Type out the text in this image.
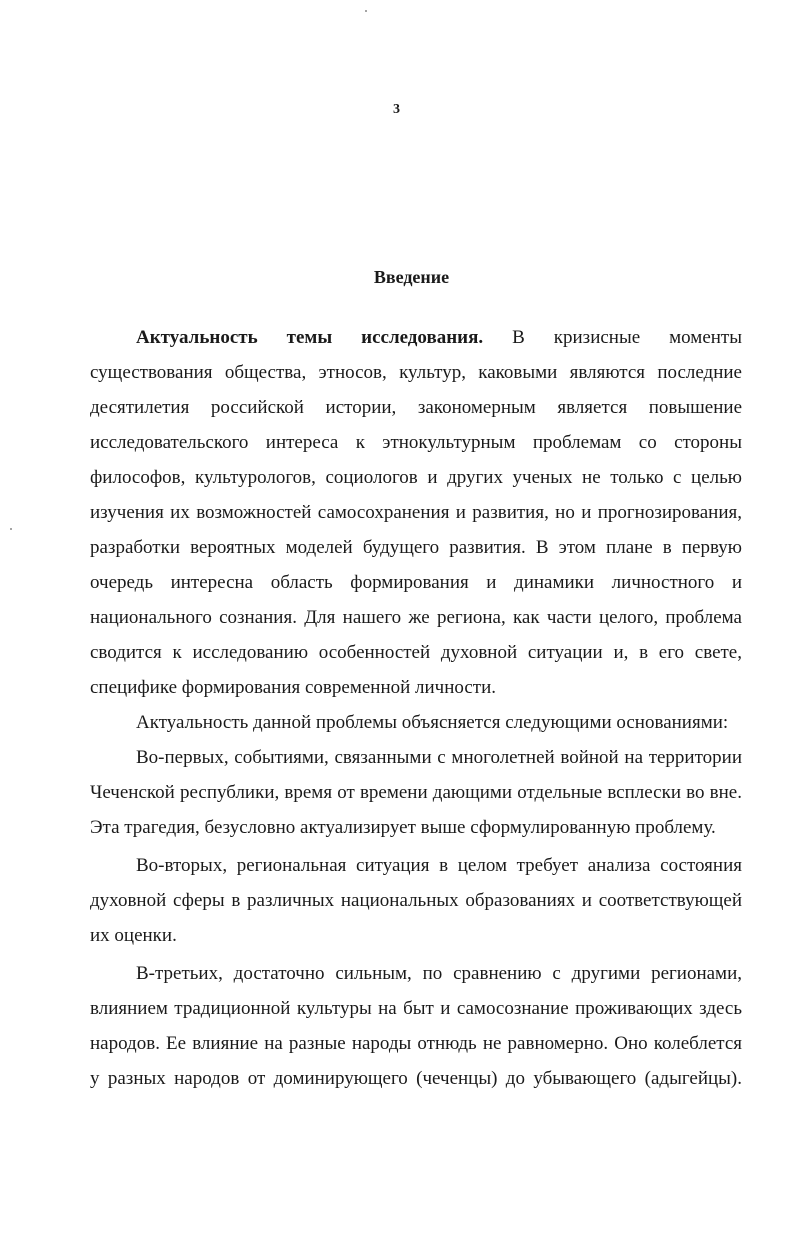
3
Введение

Актуальность темы исследования. В кризисные моменты существования общества, этносов, культур, каковыми являются последние десятилетия российской истории, закономерным является повышение исследовательского интереса к этнокультурным проблемам со стороны философов, культурологов, социологов и других ученых не только с целью изучения их возможностей самосохранения и развития, но и прогнозирования, разработки вероятных моделей будущего развития. В этом плане в первую очередь интересна область формирования и динамики личностного и национального сознания. Для нашего же региона, как части целого, проблема сводится к исследованию особенностей духовной ситуации и, в его свете, специфике формирования современной личности.

Актуальность данной проблемы объясняется следующими основаниями:

Во-первых, событиями, связанными с многолетней войной на территории Чеченской республики, время от времени дающими отдельные всплески во вне. Эта трагедия, безусловно актуализирует выше сформулированную проблему.

Во-вторых, региональная ситуация в целом требует анализа состояния духовной сферы в различных национальных образованиях и соответствующей их оценки.

В-третьих, достаточно сильным, по сравнению с другими регионами, влиянием традиционной культуры на быт и самосознание проживающих здесь народов. Ее влияние на разные народы отнюдь не равномерно. Оно колеблется у разных народов от доминирующего (чеченцы) до убывающего (адыгейцы).
